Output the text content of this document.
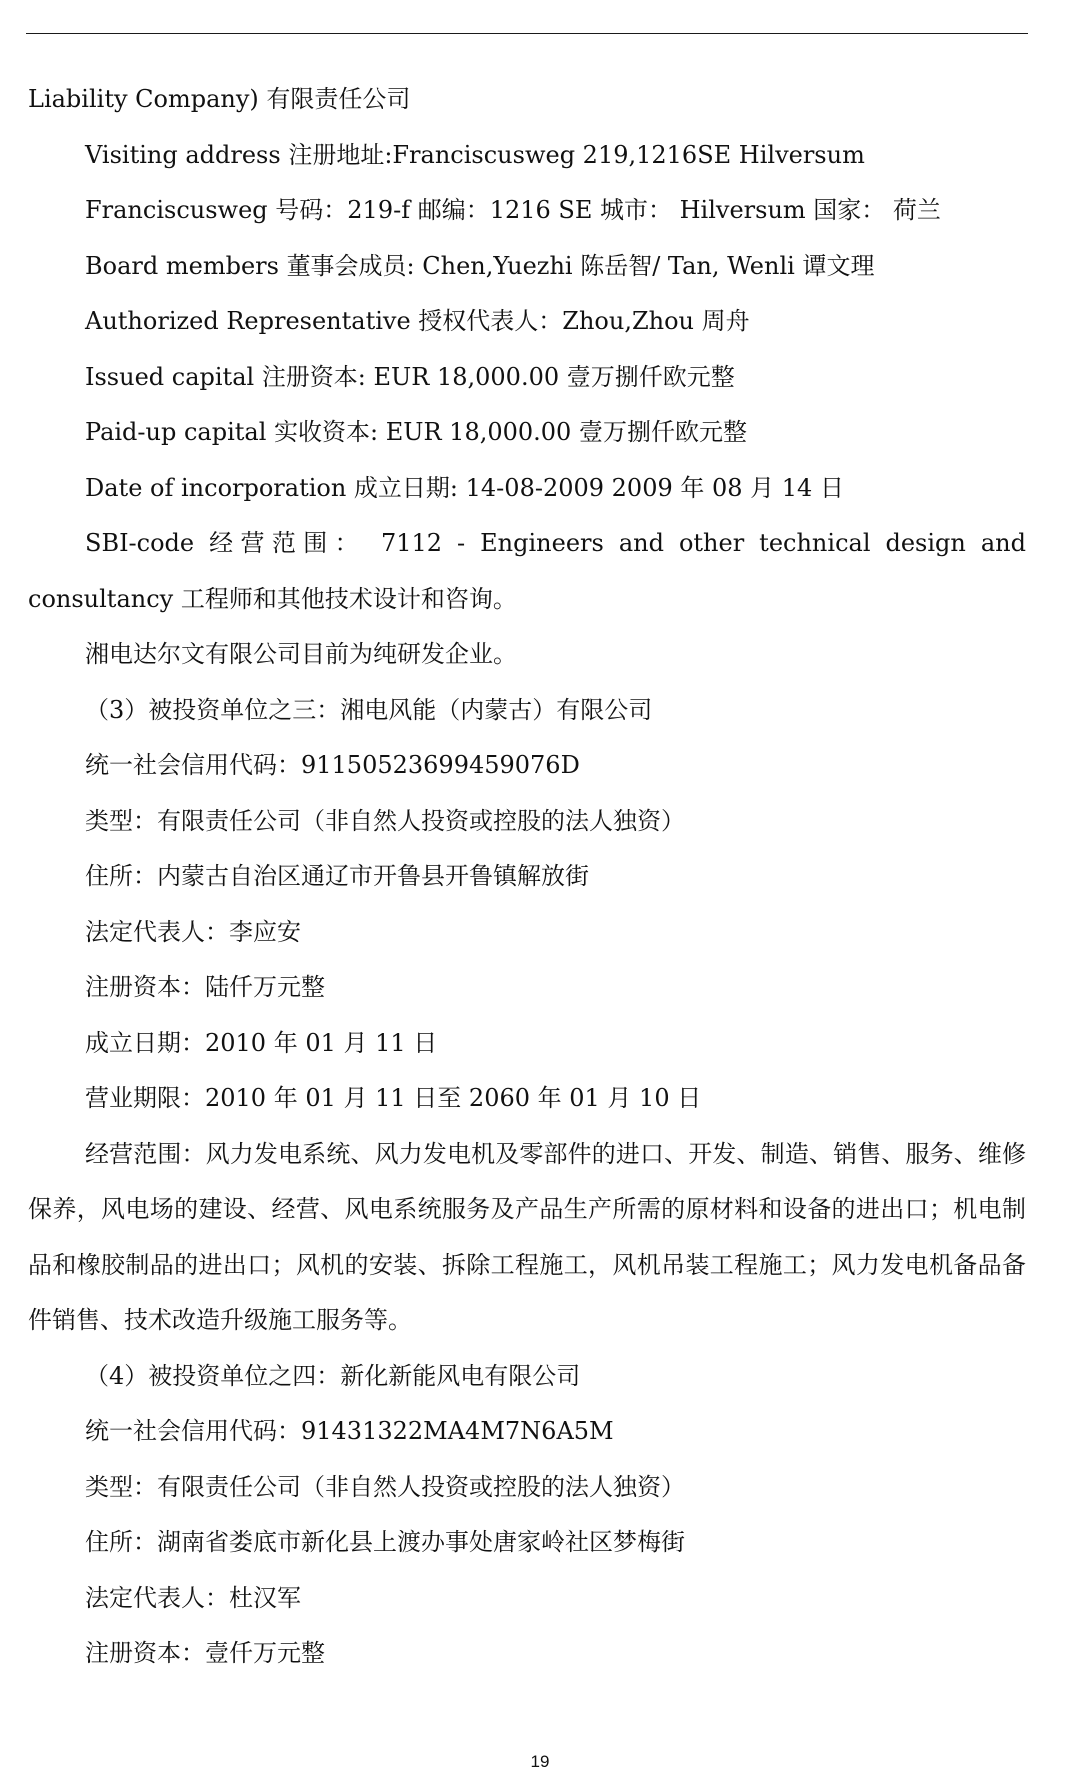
Liability Company) 有限责任公司

Visiting address 注册地址:Franciscusweg 219,1216SE Hilversum

Franciscusweg 号码：219-f 邮编：1216 SE 城市： Hilversum 国家： 荷兰

Board members 董事会成员: Chen,Yuezhi 陈岳智/ Tan, Wenli 谭文理

Authorized Representative 授权代表人：Zhou,Zhou 周舟

Issued capital 注册资本: EUR 18,000.00 壹万捌仟欧元整

Paid-up capital 实收资本: EUR 18,000.00 壹万捌仟欧元整

Date of incorporation 成立日期: 14-08-2009 2009 年 08 月 14 日

SBI-code 经营范围： 7112 - Engineers and other technical design and consultancy 工程师和其他技术设计和咨询。

湘电达尔文有限公司目前为纯研发企业。

（3）被投资单位之三：湘电风能（内蒙古）有限公司

统一社会信用代码：91150523699459076D

类型：有限责任公司（非自然人投资或控股的法人独资）

住所：内蒙古自治区通辽市开鲁县开鲁镇解放街

法定代表人：李应安

注册资本：陆仟万元整

成立日期：2010 年 01 月 11 日

营业期限：2010 年 01 月 11 日至 2060 年 01 月 10 日

经营范围：风力发电系统、风力发电机及零部件的进口、开发、制造、销售、服务、维修保养，风电场的建设、经营、风电系统服务及产品生产所需的原材料和设备的进出口；机电制品和橡胶制品的进出口；风机的安装、拆除工程施工，风机吊装工程施工；风力发电机备品备件销售、技术改造升级施工服务等。

（4）被投资单位之四：新化新能风电有限公司

统一社会信用代码：91431322MA4M7N6A5M

类型：有限责任公司（非自然人投资或控股的法人独资）

住所：湖南省娄底市新化县上渡办事处唐家岭社区梦梅街

法定代表人：杜汉军

注册资本：壹仟万元整

19
